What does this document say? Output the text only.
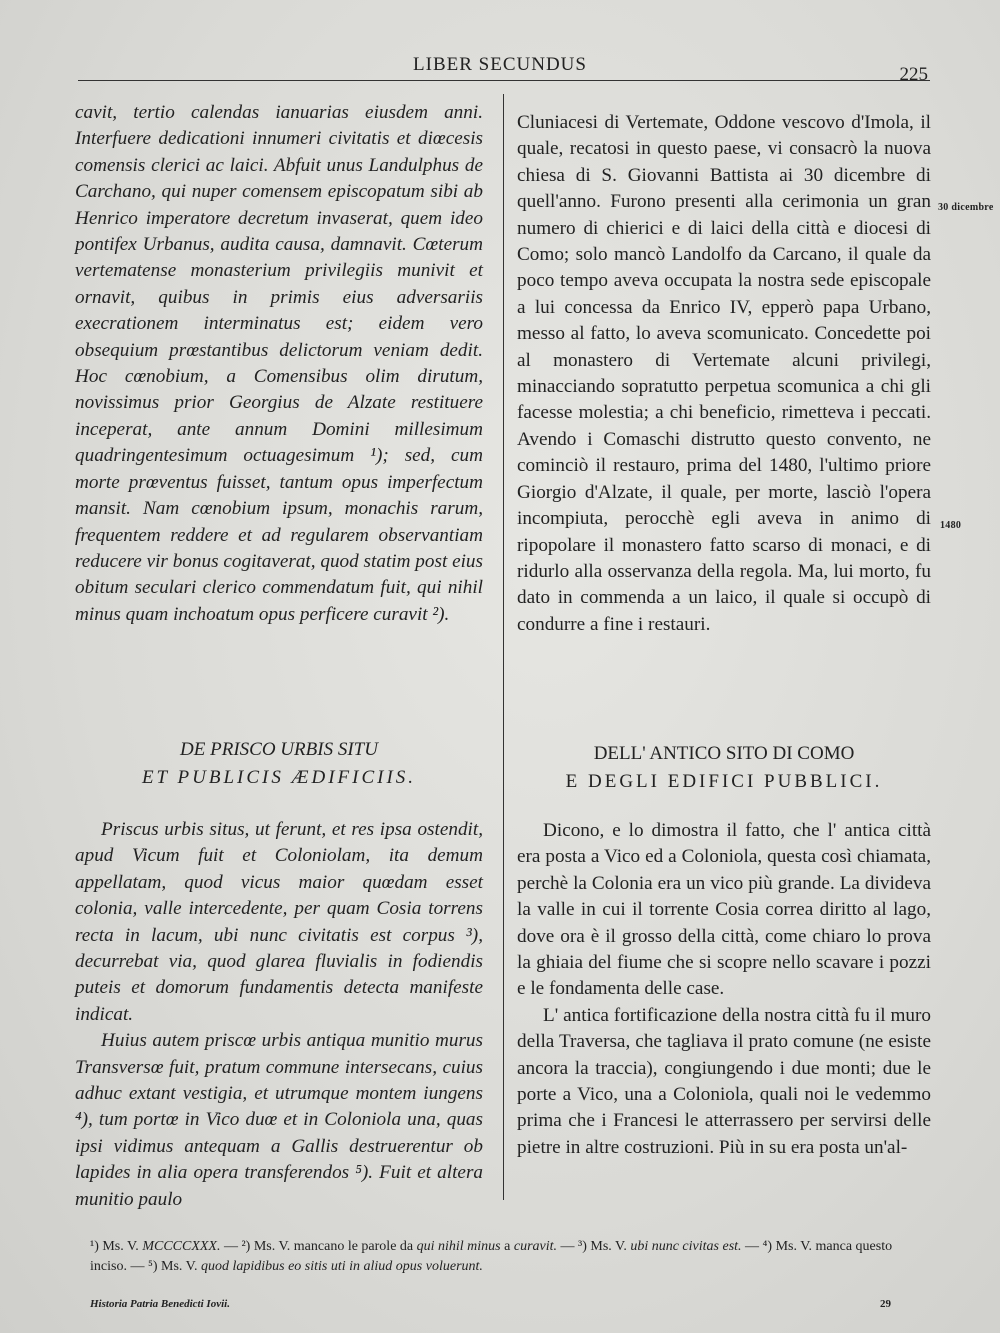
LIBER SECUNDUS	225

cavit, tertio calendas ianuarias eiusdem anni. Interfuere dedicationi innumeri civitatis et diœcesis comensis clerici ac laici. Abfuit unus Landulphus de Carchano, qui nuper comensem episcopatum sibi ab Henrico imperatore decretum invaserat, quem ideo pontifex Urbanus, audita causa, damnavit. Cœterum vertematense monasterium privilegiis munivit et ornavit, quibus in primis eius adversariis execrationem interminatus est; eidem vero obsequium prœstantibus delictorum veniam dedit. Hoc cœnobium, a Comensibus olim dirutum, novissimus prior Georgius de Alzate restituere inceperat, ante annum Domini millesimum quadringentesimum octuagesimum ¹); sed, cum morte prœventus fuisset, tantum opus imperfectum mansit. Nam cœnobium ipsum, monachis rarum, frequentem reddere et ad regularem observantiam reducere vir bonus cogitaverat, quod statim post eius obitum seculari clerico commendatum fuit, qui nihil minus quam inchoatum opus perficere curavit ²).

DE PRISCO URBIS SITU
ET PUBLICIS ÆDIFICIIS.

Priscus urbis situs, ut ferunt, et res ipsa ostendit, apud Vicum fuit et Coloniolam, ita demum appellatam, quod vicus maior quœdam esset colonia, valle intercedente, per quam Cosia torrens recta in lacum, ubi nunc civitatis est corpus ³), decurrebat via, quod glarea fluvialis in fodiendis puteis et domorum fundamentis detecta manifeste indicat.

Huius autem priscœ urbis antiqua munitio murus Transversœ fuit, pratum commune intersecans, cuius adhuc extant vestigia, et utrumque montem iungens ⁴), tum portœ in Vico duœ et in Coloniola una, quas ipsi vidimus antequam a Gallis destruerentur ob lapides in alia opera transferendos ⁵). Fuit et altera munitio paulo

Cluniacesi di Vertemate, Oddone vescovo d'Imola, il quale, recatosi in questo paese, vi consacrò la nuova chiesa di S. Giovanni Battista ai 30 dicembre di quell'anno. Furono presenti alla cerimonia un gran numero di chierici e di laici della città e diocesi di Como; solo mancò Landolfo da Carcano, il quale da poco tempo aveva occupata la nostra sede episcopale a lui concessa da Enrico IV, epperò papa Urbano, messo al fatto, lo aveva scomunicato. Concedette poi al monastero di Vertemate alcuni privilegi, minacciando sopratutto perpetua scomunica a chi gli facesse molestia; a chi beneficio, rimetteva i peccati. Avendo i Comaschi distrutto questo convento, ne cominciò il restauro, prima del 1480, l'ultimo priore Giorgio d'Alzate, il quale, per morte, lasciò l'opera incompiuta, perocchè egli aveva in animo di ripopolare il monastero fatto scarso di monaci, e di ridurlo alla osservanza della regola. Ma, lui morto, fu dato in commenda a un laico, il quale si occupò di condurre a fine i restauri.

DELL' ANTICO SITO DI COMO
E DEGLI EDIFICI PUBBLICI.

Dicono, e lo dimostra il fatto, che l' antica città era posta a Vico ed a Coloniola, questa così chiamata, perchè la Colonia era un vico più grande. La divideva la valle in cui il torrente Cosia correa diritto al lago, dove ora è il grosso della città, come chiaro lo prova la ghiaia del fiume che si scopre nello scavare i pozzi e le fondamenta delle case.

L' antica fortificazione della nostra città fu il muro della Traversa, che tagliava il prato comune (ne esiste ancora la traccia), congiungendo i due monti; due le porte a Vico, una a Coloniola, quali noi le vedemmo prima che i Francesi le atterrassero per servirsi delle pietre in altre costruzioni. Più in su era posta un'al-

30 dicembre
1480
¹) Ms. V. MCCCCXXX. — ²) Ms. V. mancano le parole da qui nihil minus a curavit. — ³) Ms. V. ubi nunc civitas est. — ⁴) Ms. V. manca questo inciso. — ⁵) Ms. V. quod lapidibus eo sitis uti in aliud opus voluerunt.
Historia Patria Benedicti Iovii.	29
